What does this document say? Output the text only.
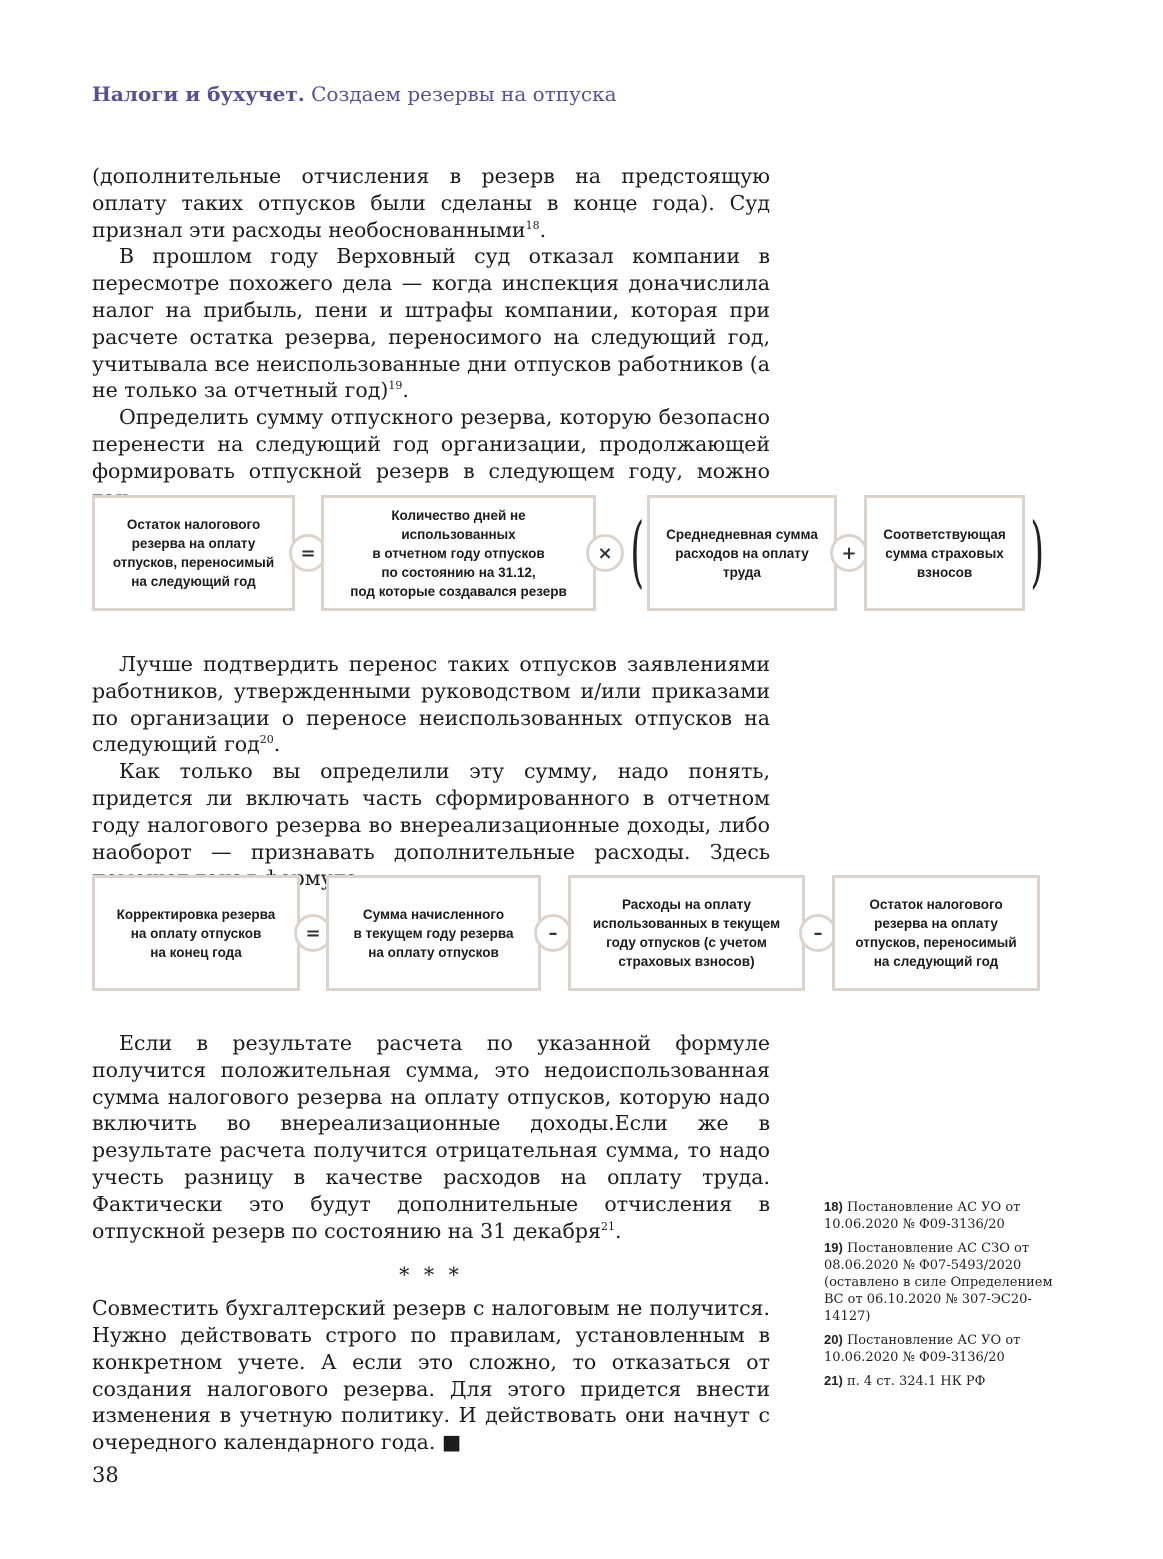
Налоги и бухучет. Создаем резервы на отпуска

(дополнительные отчисления в резерв на предстоящую оплату таких отпусков были сделаны в конце года). Суд признал эти расходы необоснованными$^{18}$.

В прошлом году Верховный суд отказал компании в пересмотре похожего дела — когда инспекция доначислила налог на прибыль, пени и штрафы компании, которая при расчете остатка резерва, переносимого на следующий год, учитывала все неиспользованные дни отпусков работников (а не только за отчетный год)$^{19}$.

Определить сумму отпускного резерва, которую безопасно перенести на следующий год организации, продолжающей формировать отпускной резерв в следующем году, можно

Остаток налогового
резерва на оплату
отпусков, переносимый
на следующий год
=
Количество дней не использованных
в отчетном году отпусков
по состоянию на 31.12,
под которые создавался резерв
× ( Среднедневная сумма
расходов на оплату
труда
+
Соответствующая
сумма страховых
взносов )

Лучше подтвердить перенос таких отпусков заявлениями работников, утвержденными руководством и/или приказами по организации о переносе неиспользованных отпусков на следующий год$^{20}$.

Как только вы определили эту сумму, надо понять, придется ли включать часть сформированного в отчетном году налогового резерва во внереализационные доходы, либо наоборот — признавать дополнительные расходы. Здесь формула:

Корректировка резерва
на оплату отпусков
на конец года
=
Сумма начисленного
в текущем году резерва
на оплату отпусков
–
Расходы на оплату
использованных в текущем
году отпусков (с учетом
страховых взносов)
–
Остаток налогового
резерва на оплату
отпусков, переносимый
на следующий год

Если в результате расчета по указанной формуле получится положительная сумма, это недоиспользованная сумма налогового резерва на оплату отпусков, которую надо включить во внереализационные доходы.Если же в результате расчета получится отрицательная сумма, то надо учесть разницу в качестве расходов на оплату труда. Фактически это будут дополнительные отчисления в отпускной резерв по состоянию на 31 декабря$^{21}$.

* * *

Совместить бухгалтерский резерв с налоговым не получится. Нужно действовать строго по правилам, установленным в конкретном учете. А если это сложно, то отказаться от создания налогового резерва. Для этого придется внести изменения в учетную политику. И действовать они начнут с очередного календарного года. ■

18) Постановление АС УО от 10.06.2020 № Ф09-3136/20
19) Постановление АС СЗО от 08.06.2020 № Ф07-5493/2020 (оставлено в силе Определением ВС от 06.10.2020 № 307-ЭС20-14127)
20) Постановление АС УО от 10.06.2020 № Ф09-3136/20
21) п. 4 ст. 324.1 НК РФ
38
